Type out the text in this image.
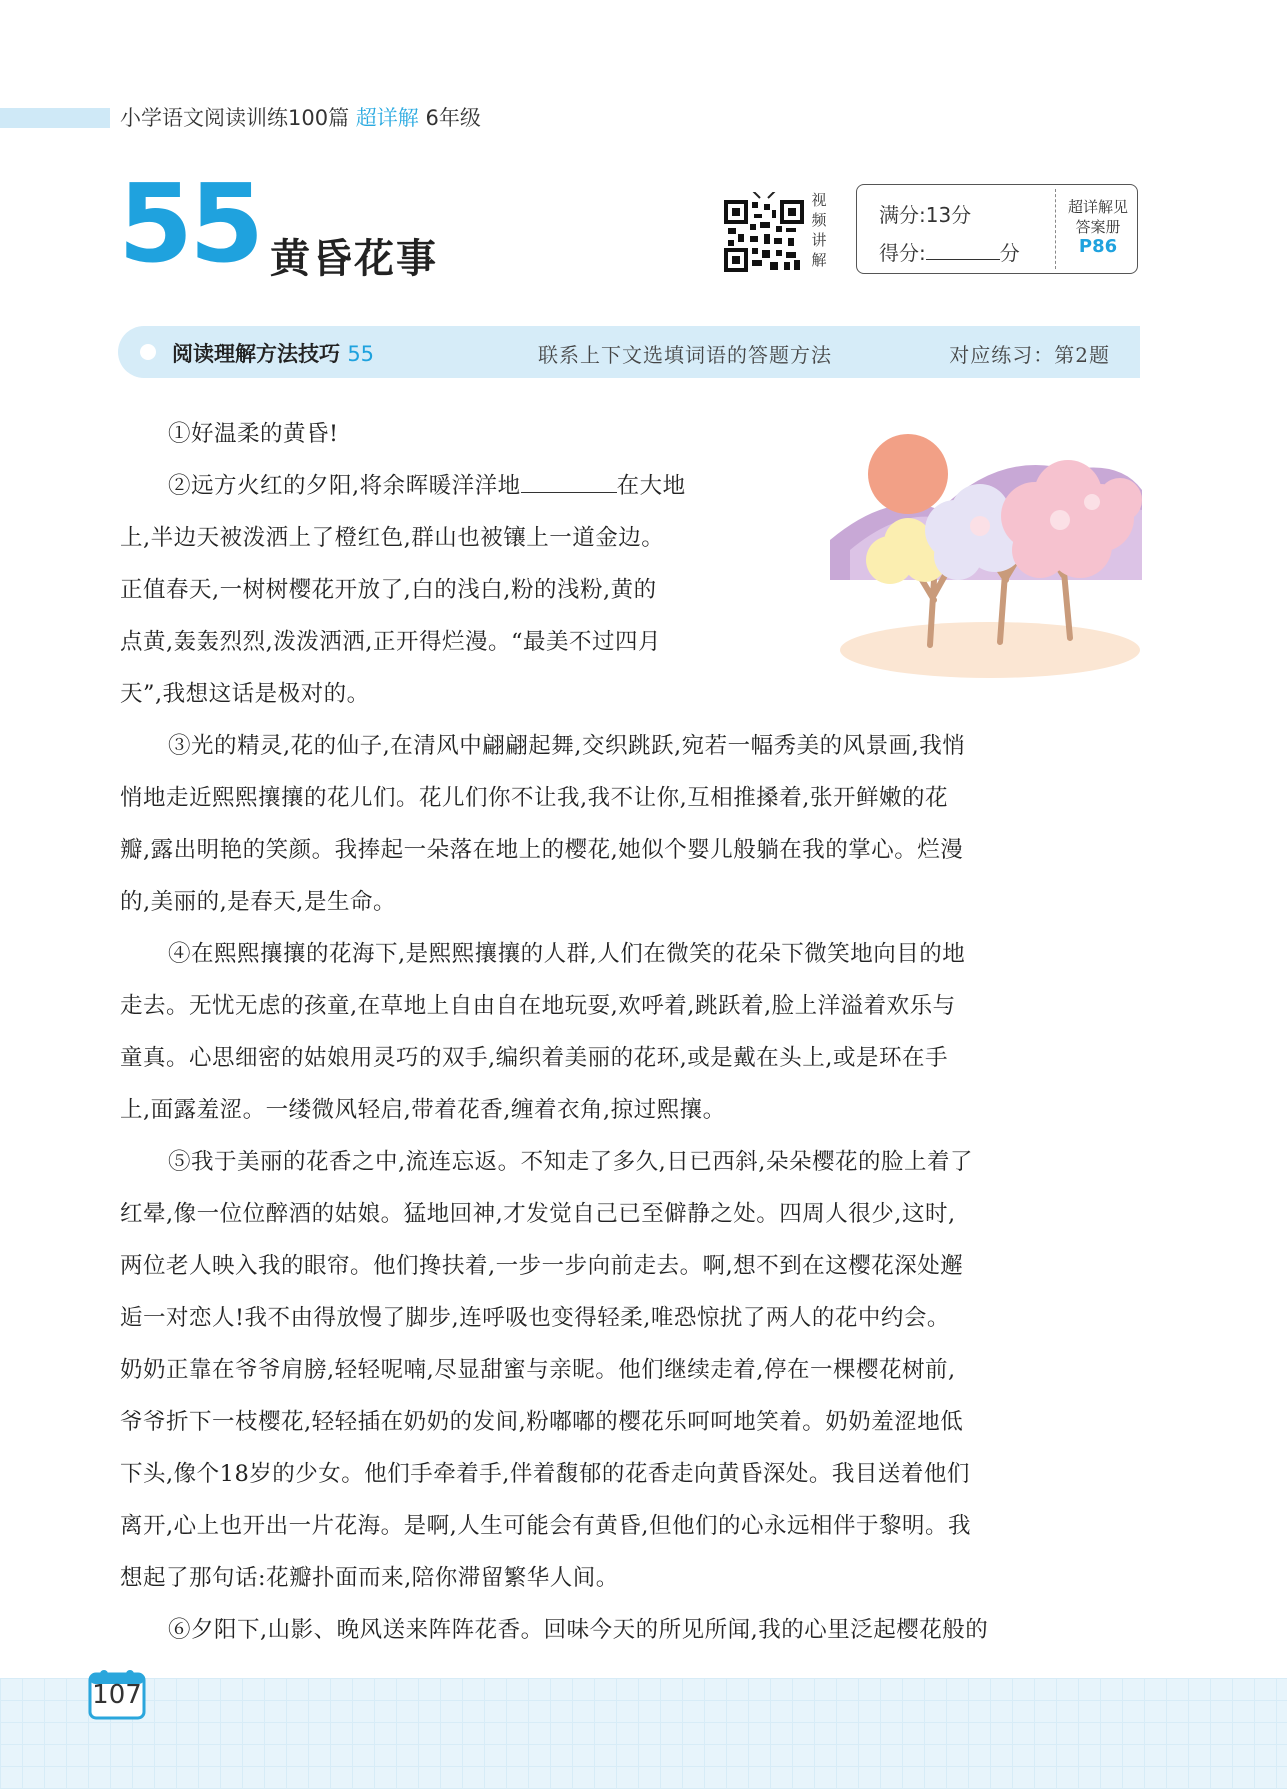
小学语文阅读训练100篇 超详解 6年级
55 黄昏花事
视
频
讲
解
满分:13分
得分:	分
超详解见
答案册
P86
阅读理解方法技巧 55	联系上下文选填词语的答题方法	对应练习：第2题
①好温柔的黄昏!
②远方火红的夕阳,将余晖暖洋洋地	在大地
上,半边天被泼洒上了橙红色,群山也被镶上一道金边。
正值春天,一树树樱花开放了,白的浅白,粉的浅粉,黄的
点黄,轰轰烈烈,泼泼洒洒,正开得烂漫。“最美不过四月
天”,我想这话是极对的。
③光的精灵,花的仙子,在清风中翩翩起舞,交织跳跃,宛若一幅秀美的风景画,我悄
悄地走近熙熙攘攘的花儿们。花儿们你不让我,我不让你,互相推搡着,张开鲜嫩的花
瓣,露出明艳的笑颜。我捧起一朵落在地上的樱花,她似个婴儿般躺在我的掌心。烂漫
的,美丽的,是春天,是生命。
④在熙熙攘攘的花海下,是熙熙攘攘的人群,人们在微笑的花朵下微笑地向目的地
走去。无忧无虑的孩童,在草地上自由自在地玩耍,欢呼着,跳跃着,脸上洋溢着欢乐与
童真。心思细密的姑娘用灵巧的双手,编织着美丽的花环,或是戴在头上,或是环在手
上,面露羞涩。一缕微风轻启,带着花香,缠着衣角,掠过熙攘。
⑤我于美丽的花香之中,流连忘返。不知走了多久,日已西斜,朵朵樱花的脸上着了
红晕,像一位位醉酒的姑娘。猛地回神,才发觉自己已至僻静之处。四周人很少,这时,
两位老人映入我的眼帘。他们搀扶着,一步一步向前走去。啊,想不到在这樱花深处邂
逅一对恋人!我不由得放慢了脚步,连呼吸也变得轻柔,唯恐惊扰了两人的花中约会。
奶奶正靠在爷爷肩膀,轻轻呢喃,尽显甜蜜与亲昵。他们继续走着,停在一棵樱花树前,
爷爷折下一枝樱花,轻轻插在奶奶的发间,粉嘟嘟的樱花乐呵呵地笑着。奶奶羞涩地低
下头,像个18岁的少女。他们手牵着手,伴着馥郁的花香走向黄昏深处。我目送着他们
离开,心上也开出一片花海。是啊,人生可能会有黄昏,但他们的心永远相伴于黎明。我
想起了那句话:花瓣扑面而来,陪你滞留繁华人间。
⑥夕阳下,山影、晚风送来阵阵花香。回味今天的所见所闻,我的心里泛起樱花般的
107
